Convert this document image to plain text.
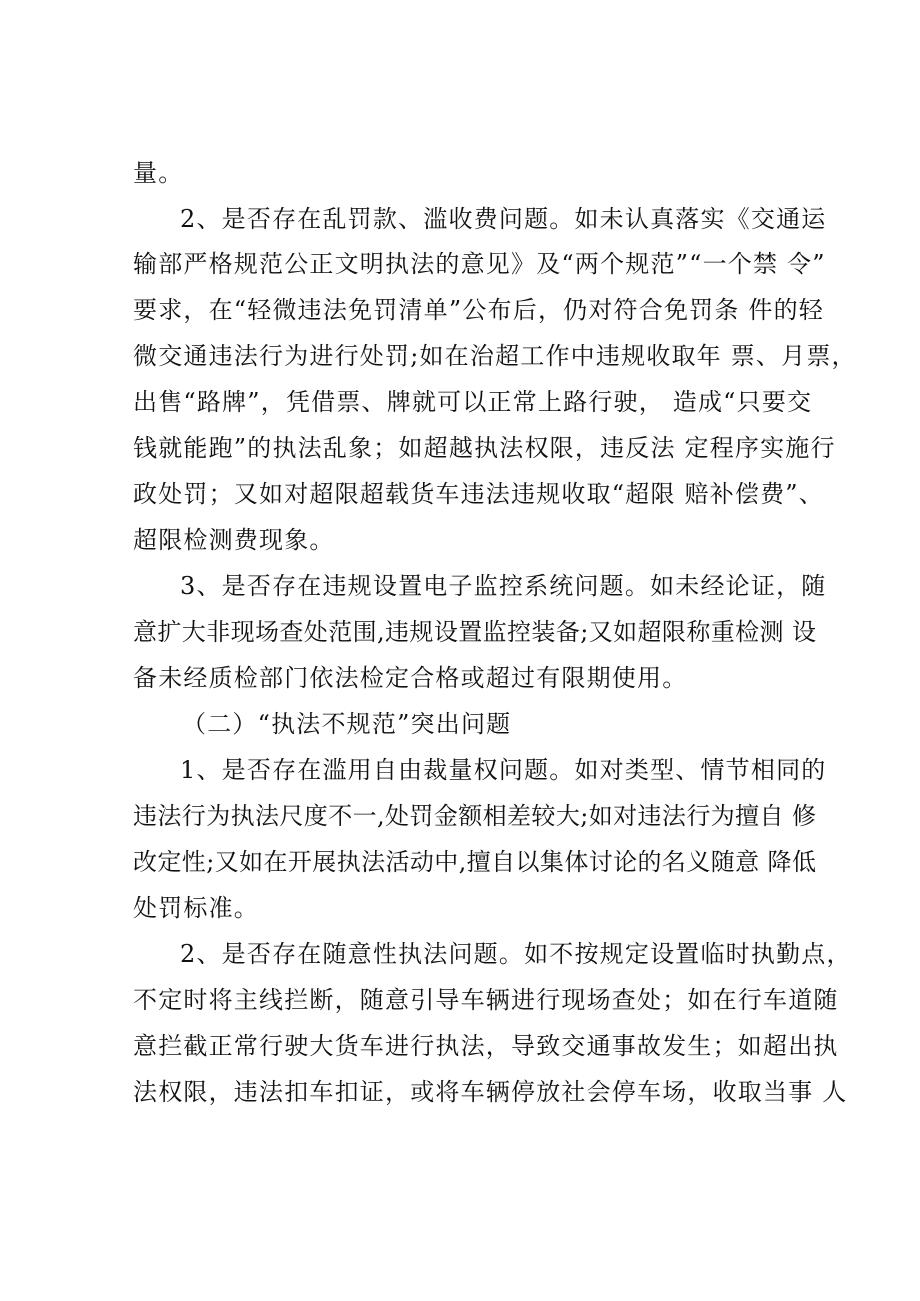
量。
2、是否存在乱罚款、滥收费问题。如未认真落实《交通运
输部严格规范公正文明执法的意见》及“两个规范”“一个禁 令”
要求，在“轻微违法免罚清单”公布后，仍对符合免罚条 件的轻
微交通违法行为进行处罚;如在治超工作中违规收取年 票、月票，
出售“路牌”，凭借票、牌就可以正常上路行驶， 造成“只要交
钱就能跑”的执法乱象；如超越执法权限，违反法 定程序实施行
政处罚；又如对超限超载货车违法违规收取“超限 赔补偿费”、
超限检测费现象。
3、是否存在违规设置电子监控系统问题。如未经论证，随
意扩大非现场查处范围,违规设置监控装备;又如超限称重检测 设
备未经质检部门依法检定合格或超过有限期使用。
（二）“执法不规范”突出问题
1、是否存在滥用自由裁量权问题。如对类型、情节相同的
违法行为执法尺度不一,处罚金额相差较大;如对违法行为擅自 修
改定性;又如在开展执法活动中,擅自以集体讨论的名义随意 降低
处罚标准。
2、是否存在随意性执法问题。如不按规定设置临时执勤点，
不定时将主线拦断，随意引导车辆进行现场查处；如在行车道随
意拦截正常行驶大货车进行执法，导致交通事故发生；如超出执
法权限，违法扣车扣证，或将车辆停放社会停车场，收取当事 人
